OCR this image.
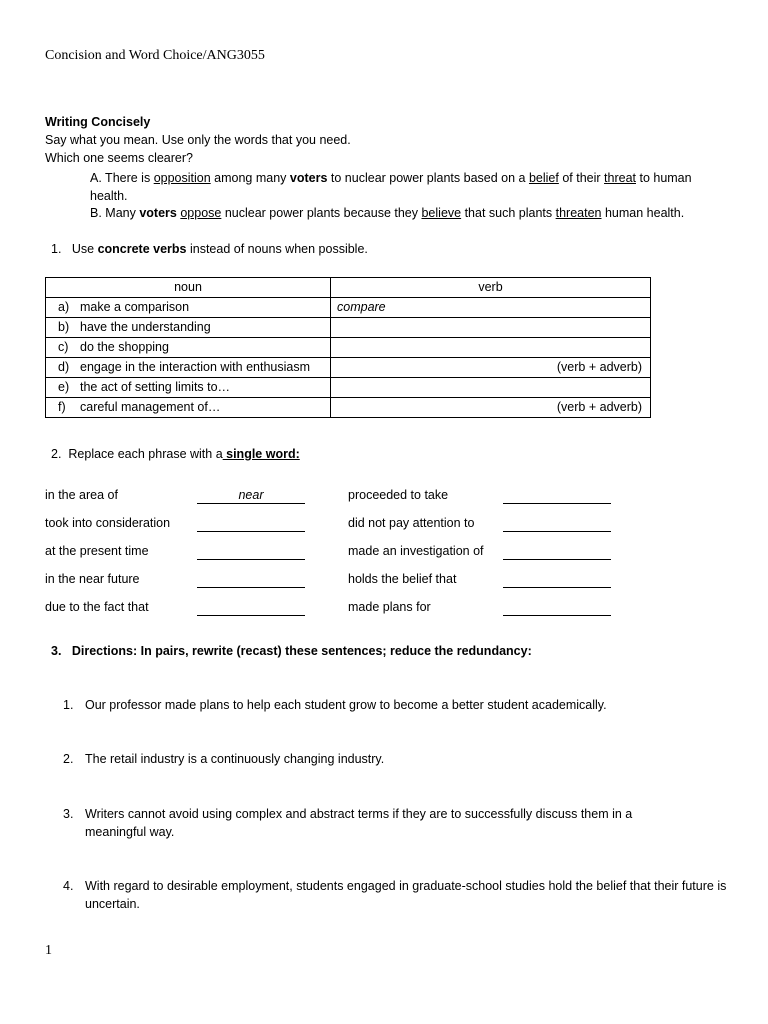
Concision and Word Choice/ANG3055
Writing Concisely
Say what you mean. Use only the words that you need.
Which one seems clearer?
A. There is opposition among many voters to nuclear power plants based on a belief of their threat to human health.
B. Many voters oppose nuclear power plants because they believe that such plants threaten human health.
1. Use concrete verbs instead of nouns when possible.
noun	verb
a) make a comparison	compare

b) have the understanding	

c) do the shopping	

d) engage in the interaction with enthusiasm	(verb + adverb)

e) the act of setting limits to…	

f) careful management of…	(verb + adverb)
2. Replace each phrase with a single word:
in the area of	near
took into consideration
at the present time
in the near future
due to the fact that
proceeded to take
did not pay attention to
made an investigation of
holds the belief that
made plans for
3. Directions: In pairs, rewrite (recast) these sentences; reduce the redundancy:
1. Our professor made plans to help each student grow to become a better student academically.
2. The retail industry is a continuously changing industry.
3. Writers cannot avoid using complex and abstract terms if they are to successfully discuss them in a meaningful way.
4. With regard to desirable employment, students engaged in graduate-school studies hold the belief that their future is uncertain.
1
